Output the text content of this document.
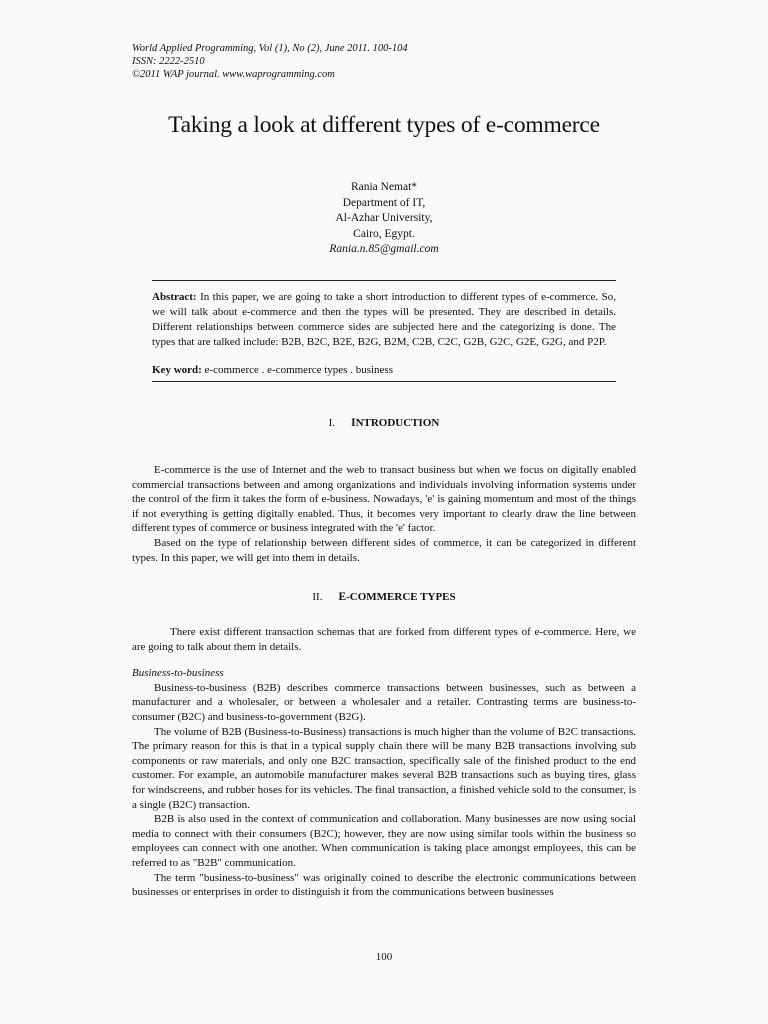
World Applied Programming, Vol (1), No (2), June 2011. 100-104
ISSN: 2222-2510
©2011 WAP journal. www.waprogramming.com
Taking a look at different types of e-commerce
Rania Nemat*
Department of IT,
Al-Azhar University,
Cairo, Egypt.
Rania.n.85@gmail.com

Abstract: In this paper, we are going to take a short introduction to different types of e-commerce. So, we will talk about e-commerce and then the types will be presented. They are described in details. Different relationships between commerce sides are subjected here and the categorizing is done. The types that are talked include: B2B, B2C, B2E, B2G, B2M, C2B, C2C, G2B, G2C, G2E, G2G, and P2P.

Key word: e-commerce . e-commerce types . business
I. INTRODUCTION

E-commerce is the use of Internet and the web to transact business but when we focus on digitally enabled commercial transactions between and among organizations and individuals involving information systems under the control of the firm it takes the form of e-business. Nowadays, 'e' is gaining momentum and most of the things if not everything is getting digitally enabled. Thus, it becomes very important to clearly draw the line between different types of commerce or business integrated with the 'e' factor.

Based on the type of relationship between different sides of commerce, it can be categorized in different types. In this paper, we will get into them in details.

II. E-COMMERCE TYPES

There exist different transaction schemas that are forked from different types of e-commerce. Here, we are going to talk about them in details.

Business-to-business

Business-to-business (B2B) describes commerce transactions between businesses, such as between a manufacturer and a wholesaler, or between a wholesaler and a retailer. Contrasting terms are business-to-consumer (B2C) and business-to-government (B2G).

The volume of B2B (Business-to-Business) transactions is much higher than the volume of B2C transactions. The primary reason for this is that in a typical supply chain there will be many B2B transactions involving sub components or raw materials, and only one B2C transaction, specifically sale of the finished product to the end customer. For example, an automobile manufacturer makes several B2B transactions such as buying tires, glass for windscreens, and rubber hoses for its vehicles. The final transaction, a finished vehicle sold to the consumer, is a single (B2C) transaction.

B2B is also used in the context of communication and collaboration. Many businesses are now using social media to connect with their consumers (B2C); however, they are now using similar tools within the business so employees can connect with one another. When communication is taking place amongst employees, this can be referred to as "B2B" communication.

The term "business-to-business" was originally coined to describe the electronic communications between businesses or enterprises in order to distinguish it from the communications between businesses

100
